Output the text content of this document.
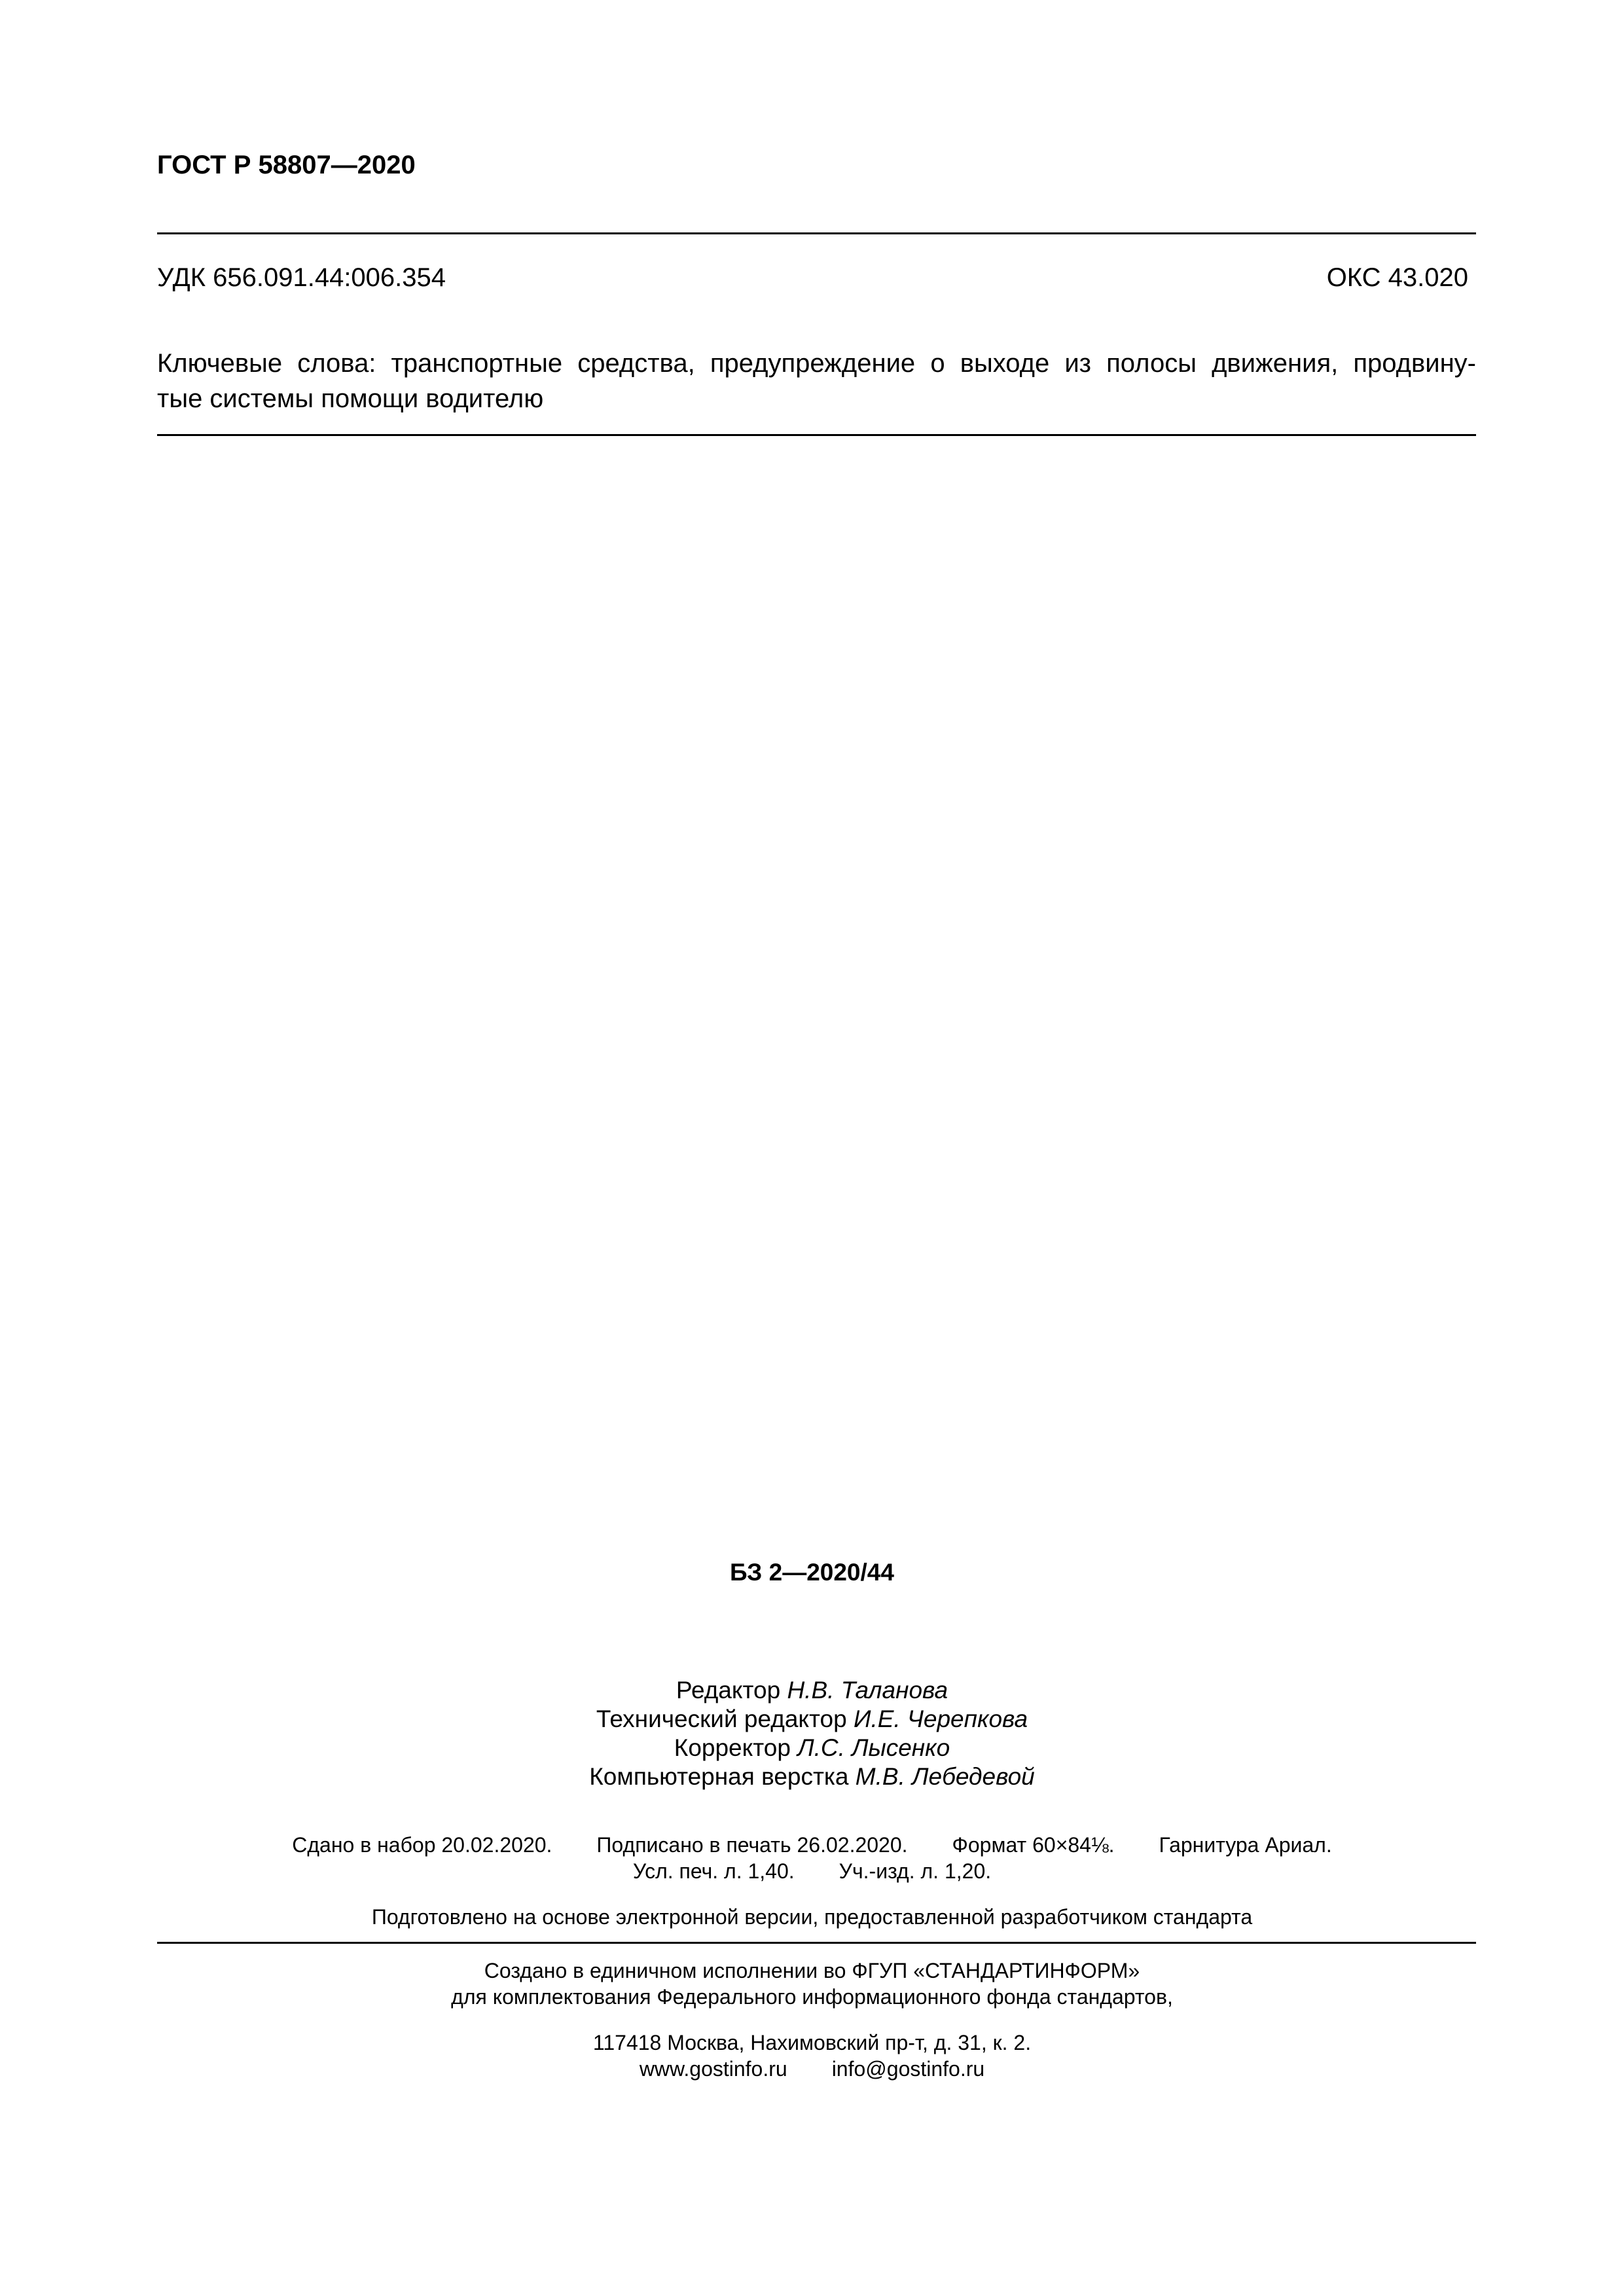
ГОСТ Р 58807—2020
УДК 656.091.44:006.354	ОКС 43.020
Ключевые слова: транспортные средства, предупреждение о выходе из полосы движения, продвину-
тые системы помощи водителю
БЗ 2—2020/44
Редактор Н.В. Таланова
Технический редактор И.Е. Черепкова
Корректор Л.С. Лысенко
Компьютерная верстка М.В. Лебедевой
Сдано в набор 20.02.2020. Подписано в печать 26.02.2020. Формат 60×84⅛. Гарнитура Ариал.
Усл. печ. л. 1,40. Уч.-изд. л. 1,20.
Подготовлено на основе электронной версии, предоставленной разработчиком стандарта
Создано в единичном исполнении во ФГУП «СТАНДАРТИНФОРМ»
для комплектования Федерального информационного фонда стандартов,
117418 Москва, Нахимовский пр-т, д. 31, к. 2.
www.gostinfo.ru info@gostinfo.ru
